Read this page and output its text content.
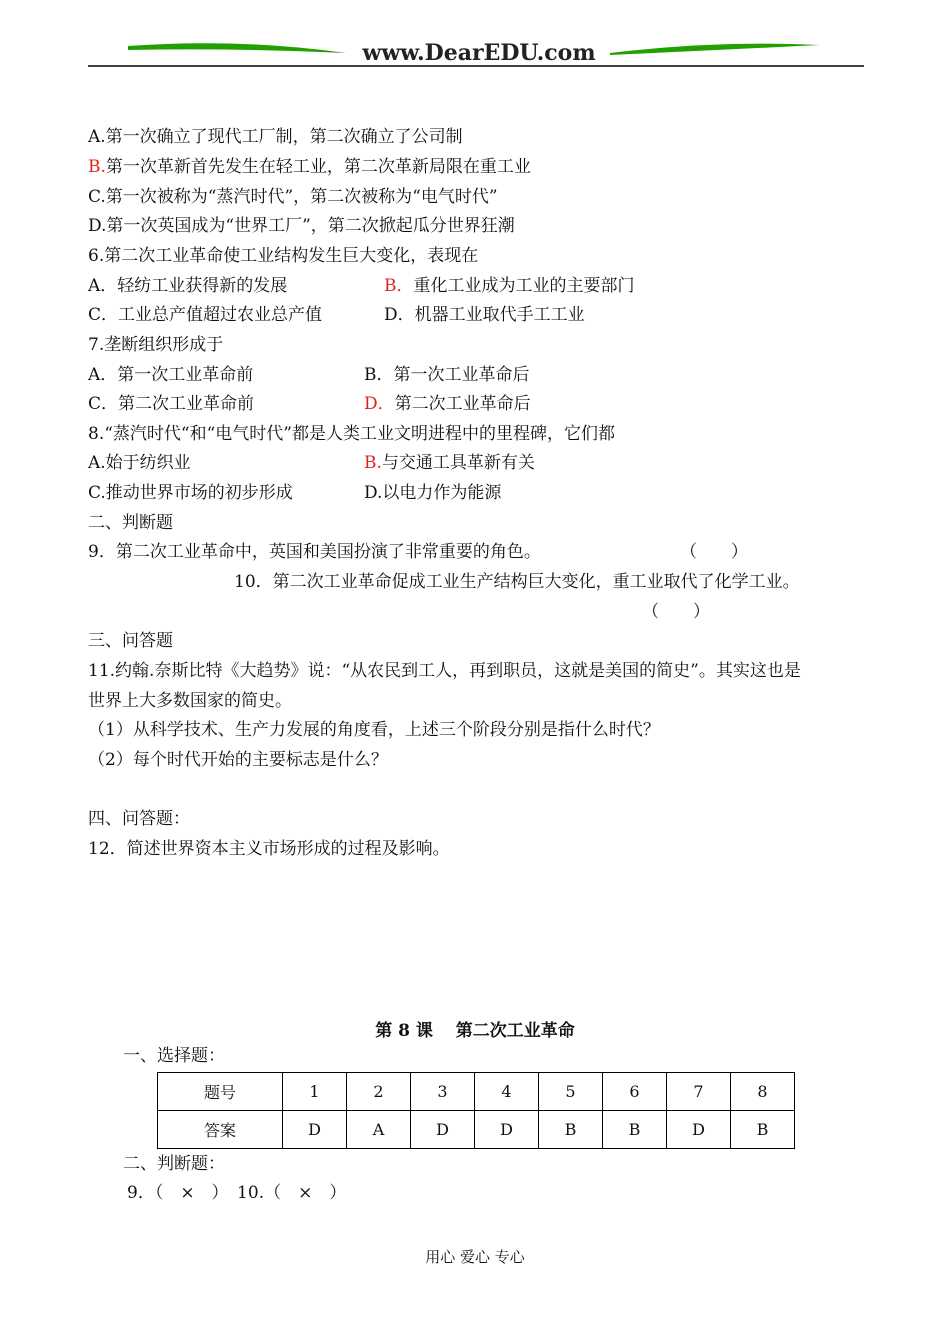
www.DearEDU.com
A.第一次确立了现代工厂制，第二次确立了公司制
B.第一次革新首先发生在轻工业，第二次革新局限在重工业
C.第一次被称为“蒸汽时代”，第二次被称为“电气时代”
D.第一次英国成为“世界工厂”，第二次掀起瓜分世界狂潮
6.第二次工业革命使工业结构发生巨大变化，表现在
A．轻纺工业获得新的发展	B．重化工业成为工业的主要部门
C．工业总产值超过农业总产值	D．机器工业取代手工工业
7.垄断组织形成于
A．第一次工业革命前	B．第一次工业革命后
C．第二次工业革命前	D．第二次工业革命后
8.“蒸汽时代“和“电气时代”都是人类工业文明进程中的里程碑，它们都
A.始于纺织业	B.与交通工具革新有关
C.推动世界市场的初步形成	D.以电力作为能源
二、判断题
9．第二次工业革命中，英国和美国扮演了非常重要的角色。	（　　）
10．第二次工业革命促成工业生产结构巨大变化，重工业取代了化学工业。
（　　）
三、问答题
11.约翰.奈斯比特《大趋势》说：“从农民到工人，再到职员，这就是美国的简史”。其实这也是
世界上大多数国家的简史。
（1）从科学技术、生产力发展的角度看，上述三个阶段分别是指什么时代？
（2）每个时代开始的主要标志是什么？
四、问答题：
12．简述世界资本主义市场形成的过程及影响。
第 8 课　 第二次工业革命
一、选择题：
题号	1	2	3	4	5	6	7	8
答案	D	A	D	D	B	B	D	B
二、判断题：
9．（　×　）　10.（　×　）
用心 爱心 专心
